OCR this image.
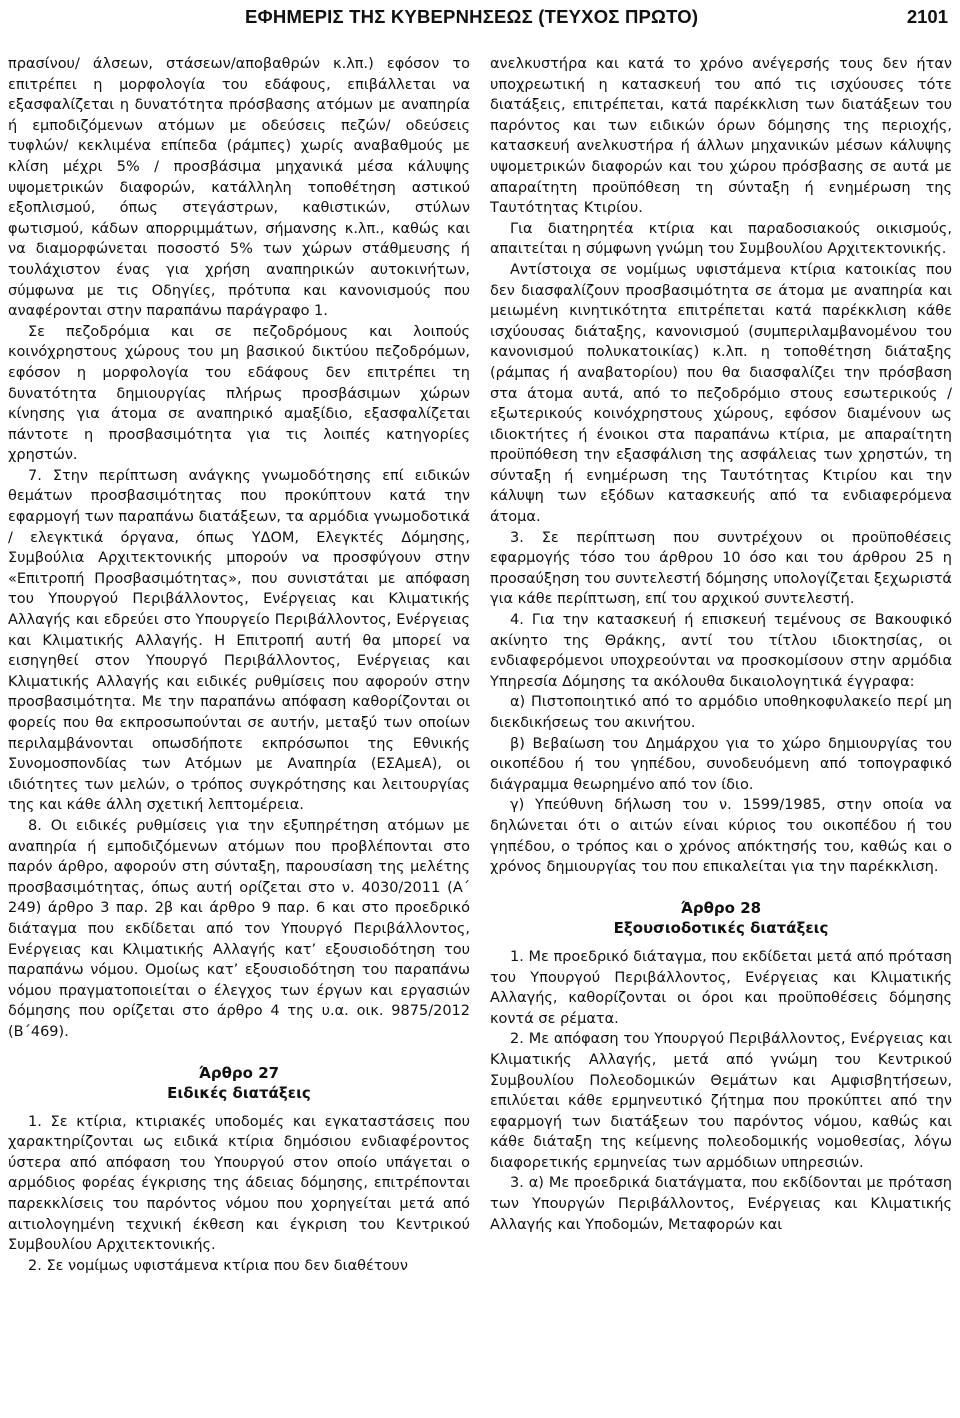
ΕΦΗΜΕΡΙΣ ΤΗΣ ΚΥΒΕΡΝΗΣΕΩΣ (ΤΕΥΧΟΣ ΠΡΩΤΟ)	2101

πρασίνου/ άλσεων, στάσεων/αποβαθρών κ.λπ.) εφόσον το επιτρέπει η μορφολογία του εδάφους, επιβάλλεται να εξασφαλίζεται η δυνατότητα πρόσβασης ατόμων με αναπηρία ή εμποδιζόμενων ατόμων με οδεύσεις πεζών/ οδεύσεις τυφλών/ κεκλιμένα επίπεδα (ράμπες) χωρίς αναβαθμούς με κλίση μέχρι 5% / προσβάσιμα μηχανικά μέσα κάλυψης υψομετρικών διαφορών, κατάλληλη τοποθέτηση αστικού εξοπλισμού, όπως στεγάστρων, καθιστικών, στύλων φωτισμού, κάδων απορριμμάτων, σήμανσης κ.λπ., καθώς και να διαμορφώνεται ποσοστό 5% των χώρων στάθμευσης ή τουλάχιστον ένας για χρήση αναπηρικών αυτοκινήτων, σύμφωνα με τις Οδηγίες, πρότυπα και κανονισμούς που αναφέρονται στην παραπάνω παράγραφο 1.

Σε πεζοδρόμια και σε πεζοδρόμους και λοιπούς κοινόχρηστους χώρους του μη βασικού δικτύου πεζοδρόμων, εφόσον η μορφολογία του εδάφους δεν επιτρέπει τη δυνατότητα δημιουργίας πλήρως προσβάσιμων χώρων κίνησης για άτομα σε αναπηρικό αμαξίδιο, εξασφαλίζεται πάντοτε η προσβασιμότητα για τις λοιπές κατηγορίες χρηστών.

7. Στην περίπτωση ανάγκης γνωμοδότησης επί ειδικών θεμάτων προσβασιμότητας που προκύπτουν κατά την εφαρμογή των παραπάνω διατάξεων, τα αρμόδια γνωμοδοτικά / ελεγκτικά όργανα, όπως ΥΔΟΜ, Ελεγκτές Δόμησης, Συμβούλια Αρχιτεκτονικής μπορούν να προσφύγουν στην «Επιτροπή Προσβασιμότητας», που συνιστάται με απόφαση του Υπουργού Περιβάλλοντος, Ενέργειας και Κλιματικής Αλλαγής και εδρεύει στο Υπουργείο Περιβάλλοντος, Ενέργειας και Κλιματικής Αλλαγής. Η Επιτροπή αυτή θα μπορεί να εισηγηθεί στον Υπουργό Περιβάλλοντος, Ενέργειας και Κλιματικής Αλλαγής και ειδικές ρυθμίσεις που αφορούν στην προσβασιμότητα. Με την παραπάνω απόφαση καθορίζονται οι φορείς που θα εκπροσωπούνται σε αυτήν, μεταξύ των οποίων περιλαμβάνονται οπωσδήποτε εκπρόσωποι της Εθνικής Συνομοσπονδίας των Ατόμων με Αναπηρία (ΕΣΑμεΑ), οι ιδιότητες των μελών, ο τρόπος συγκρότησης και λειτουργίας της και κάθε άλλη σχετική λεπτομέρεια.

8. Οι ειδικές ρυθμίσεις για την εξυπηρέτηση ατόμων με αναπηρία ή εμποδιζόμενων ατόμων που προβλέπονται στο παρόν άρθρο, αφορούν στη σύνταξη, παρουσίαση της μελέτης προσβασιμότητας, όπως αυτή ορίζεται στο ν. 4030/2011 (Α΄ 249) άρθρο 3 παρ. 2β και άρθρο 9 παρ. 6 και στο προεδρικό διάταγμα που εκδίδεται από τον Υπουργό Περιβάλλοντος, Ενέργειας και Κλιματικής Αλλαγής κατ’ εξουσιοδότηση του παραπάνω νόμου. Ομοίως κατ’ εξουσιοδότηση του παραπάνω νόμου πραγματοποιείται ο έλεγχος των έργων και εργασιών δόμησης που ορίζεται στο άρθρο 4 της υ.α. οικ. 9875/2012 (Β΄469).

Άρθρο 27
Ειδικές διατάξεις

1. Σε κτίρια, κτιριακές υποδομές και εγκαταστάσεις που χαρακτηρίζονται ως ειδικά κτίρια δημόσιου ενδιαφέροντος ύστερα από απόφαση του Υπουργού στον οποίο υπάγεται ο αρμόδιος φορέας έγκρισης της άδειας δόμησης, επιτρέπονται παρεκκλίσεις του παρόντος νόμου που χορηγείται μετά από αιτιολογημένη τεχνική έκθεση και έγκριση του Κεντρικού Συμβουλίου Αρχιτεκτονικής.

2. Σε νομίμως υφιστάμενα κτίρια που δεν διαθέτουν

ανελκυστήρα και κατά το χρόνο ανέγερσής τους δεν ήταν υποχρεωτική η κατασκευή του από τις ισχύουσες τότε διατάξεις, επιτρέπεται, κατά παρέκκλιση των διατάξεων του παρόντος και των ειδικών όρων δόμησης της περιοχής, κατασκευή ανελκυστήρα ή άλλων μηχανικών μέσων κάλυψης υψομετρικών διαφορών και του χώρου πρόσβασης σε αυτά με απαραίτητη προϋπόθεση τη σύνταξη ή ενημέρωση της Ταυτότητας Κτιρίου.

Για διατηρητέα κτίρια και παραδοσιακούς οικισμούς, απαιτείται η σύμφωνη γνώμη του Συμβουλίου Αρχιτεκτονικής.

Αντίστοιχα σε νομίμως υφιστάμενα κτίρια κατοικίας που δεν διασφαλίζουν προσβασιμότητα σε άτομα με αναπηρία και μειωμένη κινητικότητα επιτρέπεται κατά παρέκκλιση κάθε ισχύουσας διάταξης, κανονισμού (συμπεριλαμβανομένου του κανονισμού πολυκατοικίας) κ.λπ. η τοποθέτηση διάταξης (ράμπας ή αναβατορίου) που θα διασφαλίζει την πρόσβαση στα άτομα αυτά, από το πεζοδρόμιο στους εσωτερικούς / εξωτερικούς κοινόχρηστους χώρους, εφόσον διαμένουν ως ιδιοκτήτες ή ένοικοι στα παραπάνω κτίρια, με απαραίτητη προϋπόθεση την εξασφάλιση της ασφάλειας των χρηστών, τη σύνταξη ή ενημέρωση της Ταυτότητας Κτιρίου και την κάλυψη των εξόδων κατασκευής από τα ενδιαφερόμενα άτομα.

3. Σε περίπτωση που συντρέχουν οι προϋποθέσεις εφαρμογής τόσο του άρθρου 10 όσο και του άρθρου 25 η προσαύξηση του συντελεστή δόμησης υπολογίζεται ξεχωριστά για κάθε περίπτωση, επί του αρχικού συντελεστή.

4. Για την κατασκευή ή επισκευή τεμένους σε Βακουφικό ακίνητο της Θράκης, αντί του τίτλου ιδιοκτησίας, οι ενδιαφερόμενοι υποχρεούνται να προσκομίσουν στην αρμόδια Υπηρεσία Δόμησης τα ακόλουθα δικαιολογητικά έγγραφα:

α) Πιστοποιητικό από το αρμόδιο υποθηκοφυλακείο περί μη διεκδικήσεως του ακινήτου.

β) Βεβαίωση του Δημάρχου για το χώρο δημιουργίας του οικοπέδου ή του γηπέδου, συνοδευόμενη από τοπογραφικό διάγραμμα θεωρημένο από τον ίδιο.

γ) Υπεύθυνη δήλωση του ν. 1599/1985, στην οποία να δηλώνεται ότι ο αιτών είναι κύριος του οικοπέδου ή του γηπέδου, ο τρόπος και ο χρόνος απόκτησής του, καθώς και ο χρόνος δημιουργίας του που επικαλείται για την παρέκκλιση.

Άρθρο 28
Εξουσιοδοτικές διατάξεις

1. Με προεδρικό διάταγμα, που εκδίδεται μετά από πρόταση του Υπουργού Περιβάλλοντος, Ενέργειας και Κλιματικής Αλλαγής, καθορίζονται οι όροι και προϋποθέσεις δόμησης κοντά σε ρέματα.

2. Με απόφαση του Υπουργού Περιβάλλοντος, Ενέργειας και Κλιματικής Αλλαγής, μετά από γνώμη του Κεντρικού Συμβουλίου Πολεοδομικών Θεμάτων και Αμφισβητήσεων, επιλύεται κάθε ερμηνευτικό ζήτημα που προκύπτει από την εφαρμογή των διατάξεων του παρόντος νόμου, καθώς και κάθε διάταξη της κείμενης πολεοδομικής νομοθεσίας, λόγω διαφορετικής ερμηνείας των αρμόδιων υπηρεσιών.

3. α) Με προεδρικά διατάγματα, που εκδίδονται με πρόταση των Υπουργών Περιβάλλοντος, Ενέργειας και Κλιματικής Αλλαγής και Υποδομών, Μεταφορών και
